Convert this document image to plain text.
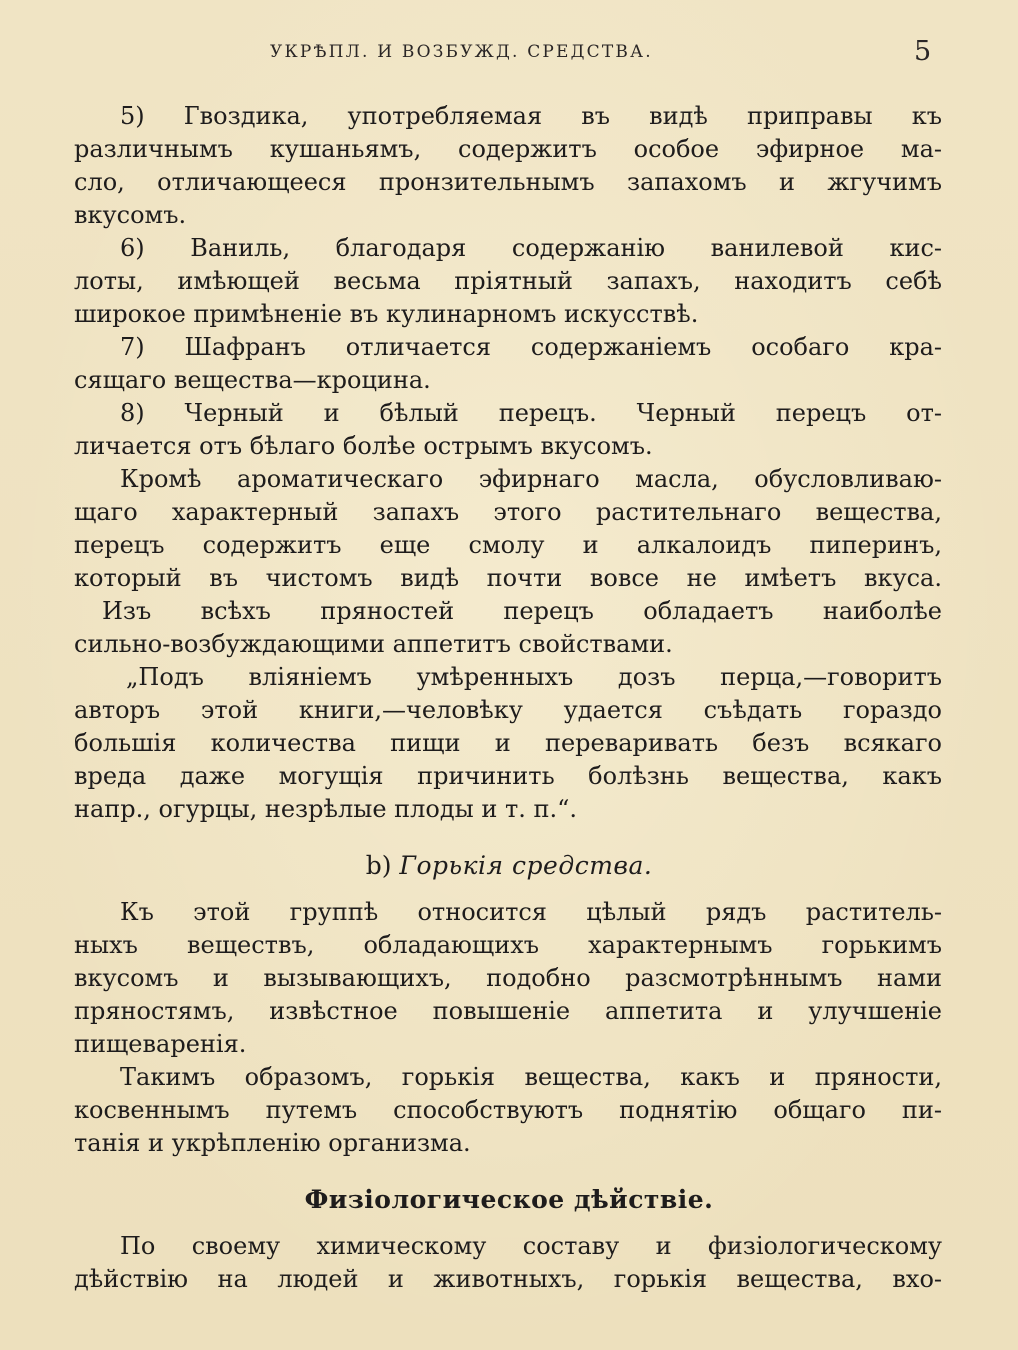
УКРѢПЛ. И ВОЗБУЖД. СРЕДСТВА.	5
5) Гвоздика, употребляемая въ видѣ приправы къ
различнымъ кушаньямъ, содержитъ особое эфирное ма-
сло, отличающееся пронзительнымъ запахомъ и жгучимъ
вкусомъ.
6) Ваниль, благодаря содержанію ванилевой кис-
лоты, имѣющей весьма пріятный запахъ, находитъ себѣ
широкое примѣненіе въ кулинарномъ искусствѣ.
7) Шафранъ отличается содержаніемъ особаго кра-
сящаго вещества—кроцина.
8) Черный и бѣлый перецъ. Черный перецъ от-
личается отъ бѣлаго болѣе острымъ вкусомъ.
Кромѣ ароматическаго эфирнаго масла, обусловливаю-
щаго характерный запахъ этого растительнаго вещества,
перецъ содержитъ еще смолу и алкалоидъ пиперинъ,
который въ чистомъ видѣ почти вовсе не имѣетъ вкуса.
Изъ всѣхъ пряностей перецъ обладаетъ наиболѣе
сильно-возбуждающими аппетитъ свойствами.
„Подъ вліяніемъ умѣренныхъ дозъ перца,—говоритъ
авторъ этой книги,—человѣку удается съѣдать гораздо
большія количества пищи и переваривать безъ всякаго
вреда даже могущія причинить болѣзнь вещества, какъ
напр., огурцы, незрѣлые плоды и т. п.“.
b) Горькія средства.
Къ этой группѣ относится цѣлый рядъ раститель-
ныхъ веществъ, обладающихъ характернымъ горькимъ
вкусомъ и вызывающихъ, подобно разсмотрѣннымъ нами
пряностямъ, извѣстное повышеніе аппетита и улучшеніе
пищеваренія.
Такимъ образомъ, горькія вещества, какъ и пряности,
косвеннымъ путемъ способствуютъ поднятію общаго пи-
танія и укрѣпленію организма.
Физіологическое дѣйствіе.
По своему химическому составу и физіологическому
дѣйствію на людей и животныхъ, горькія вещества, вхо-
